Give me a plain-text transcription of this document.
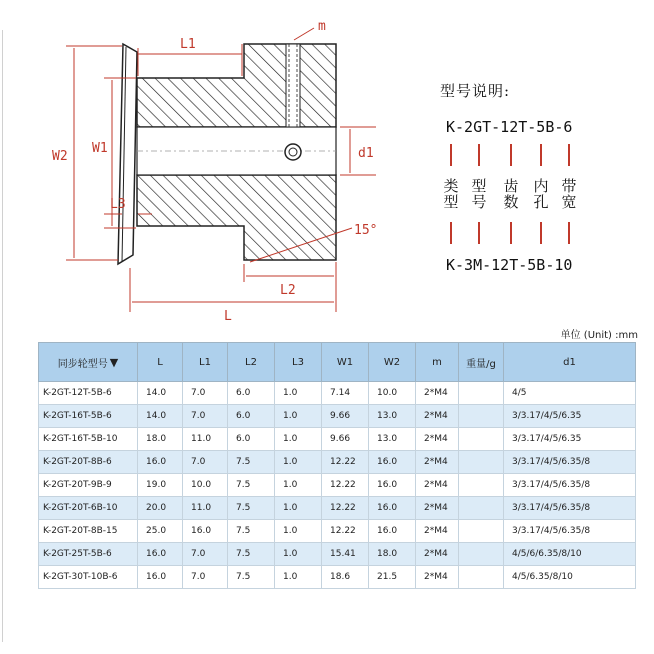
L1
m
W2
W1	d1
L3
15°
L2
L
型号说明:
K-2GT-12T-5B-6
类
型
型
号
齿
数
内
孔
带
宽
K-3M-12T-5B-10
单位 (Unit) :mm
同步轮型号 ▼	L	L1	L2	L3	W1	W2	m	重量/g	d1
K-2GT-12T-5B-6	14.0	7.0	6.0	1.0	7.14	10.0	2*M4		4/5
K-2GT-16T-5B-6	14.0	7.0	6.0	1.0	9.66	13.0	2*M4		3/3.17/4/5/6.35
K-2GT-16T-5B-10	18.0	11.0	6.0	1.0	9.66	13.0	2*M4		3/3.17/4/5/6.35
K-2GT-20T-8B-6	16.0	7.0	7.5	1.0	12.22	16.0	2*M4		3/3.17/4/5/6.35/8
K-2GT-20T-9B-9	19.0	10.0	7.5	1.0	12.22	16.0	2*M4		3/3.17/4/5/6.35/8
K-2GT-20T-6B-10	20.0	11.0	7.5	1.0	12.22	16.0	2*M4		3/3.17/4/5/6.35/8
K-2GT-20T-8B-15	25.0	16.0	7.5	1.0	12.22	16.0	2*M4		3/3.17/4/5/6.35/8
K-2GT-25T-5B-6	16.0	7.0	7.5	1.0	15.41	18.0	2*M4		4/5/6/6.35/8/10
K-2GT-30T-10B-6	16.0	7.0	7.5	1.0	18.6	21.5	2*M4		4/5/6.35/8/10
